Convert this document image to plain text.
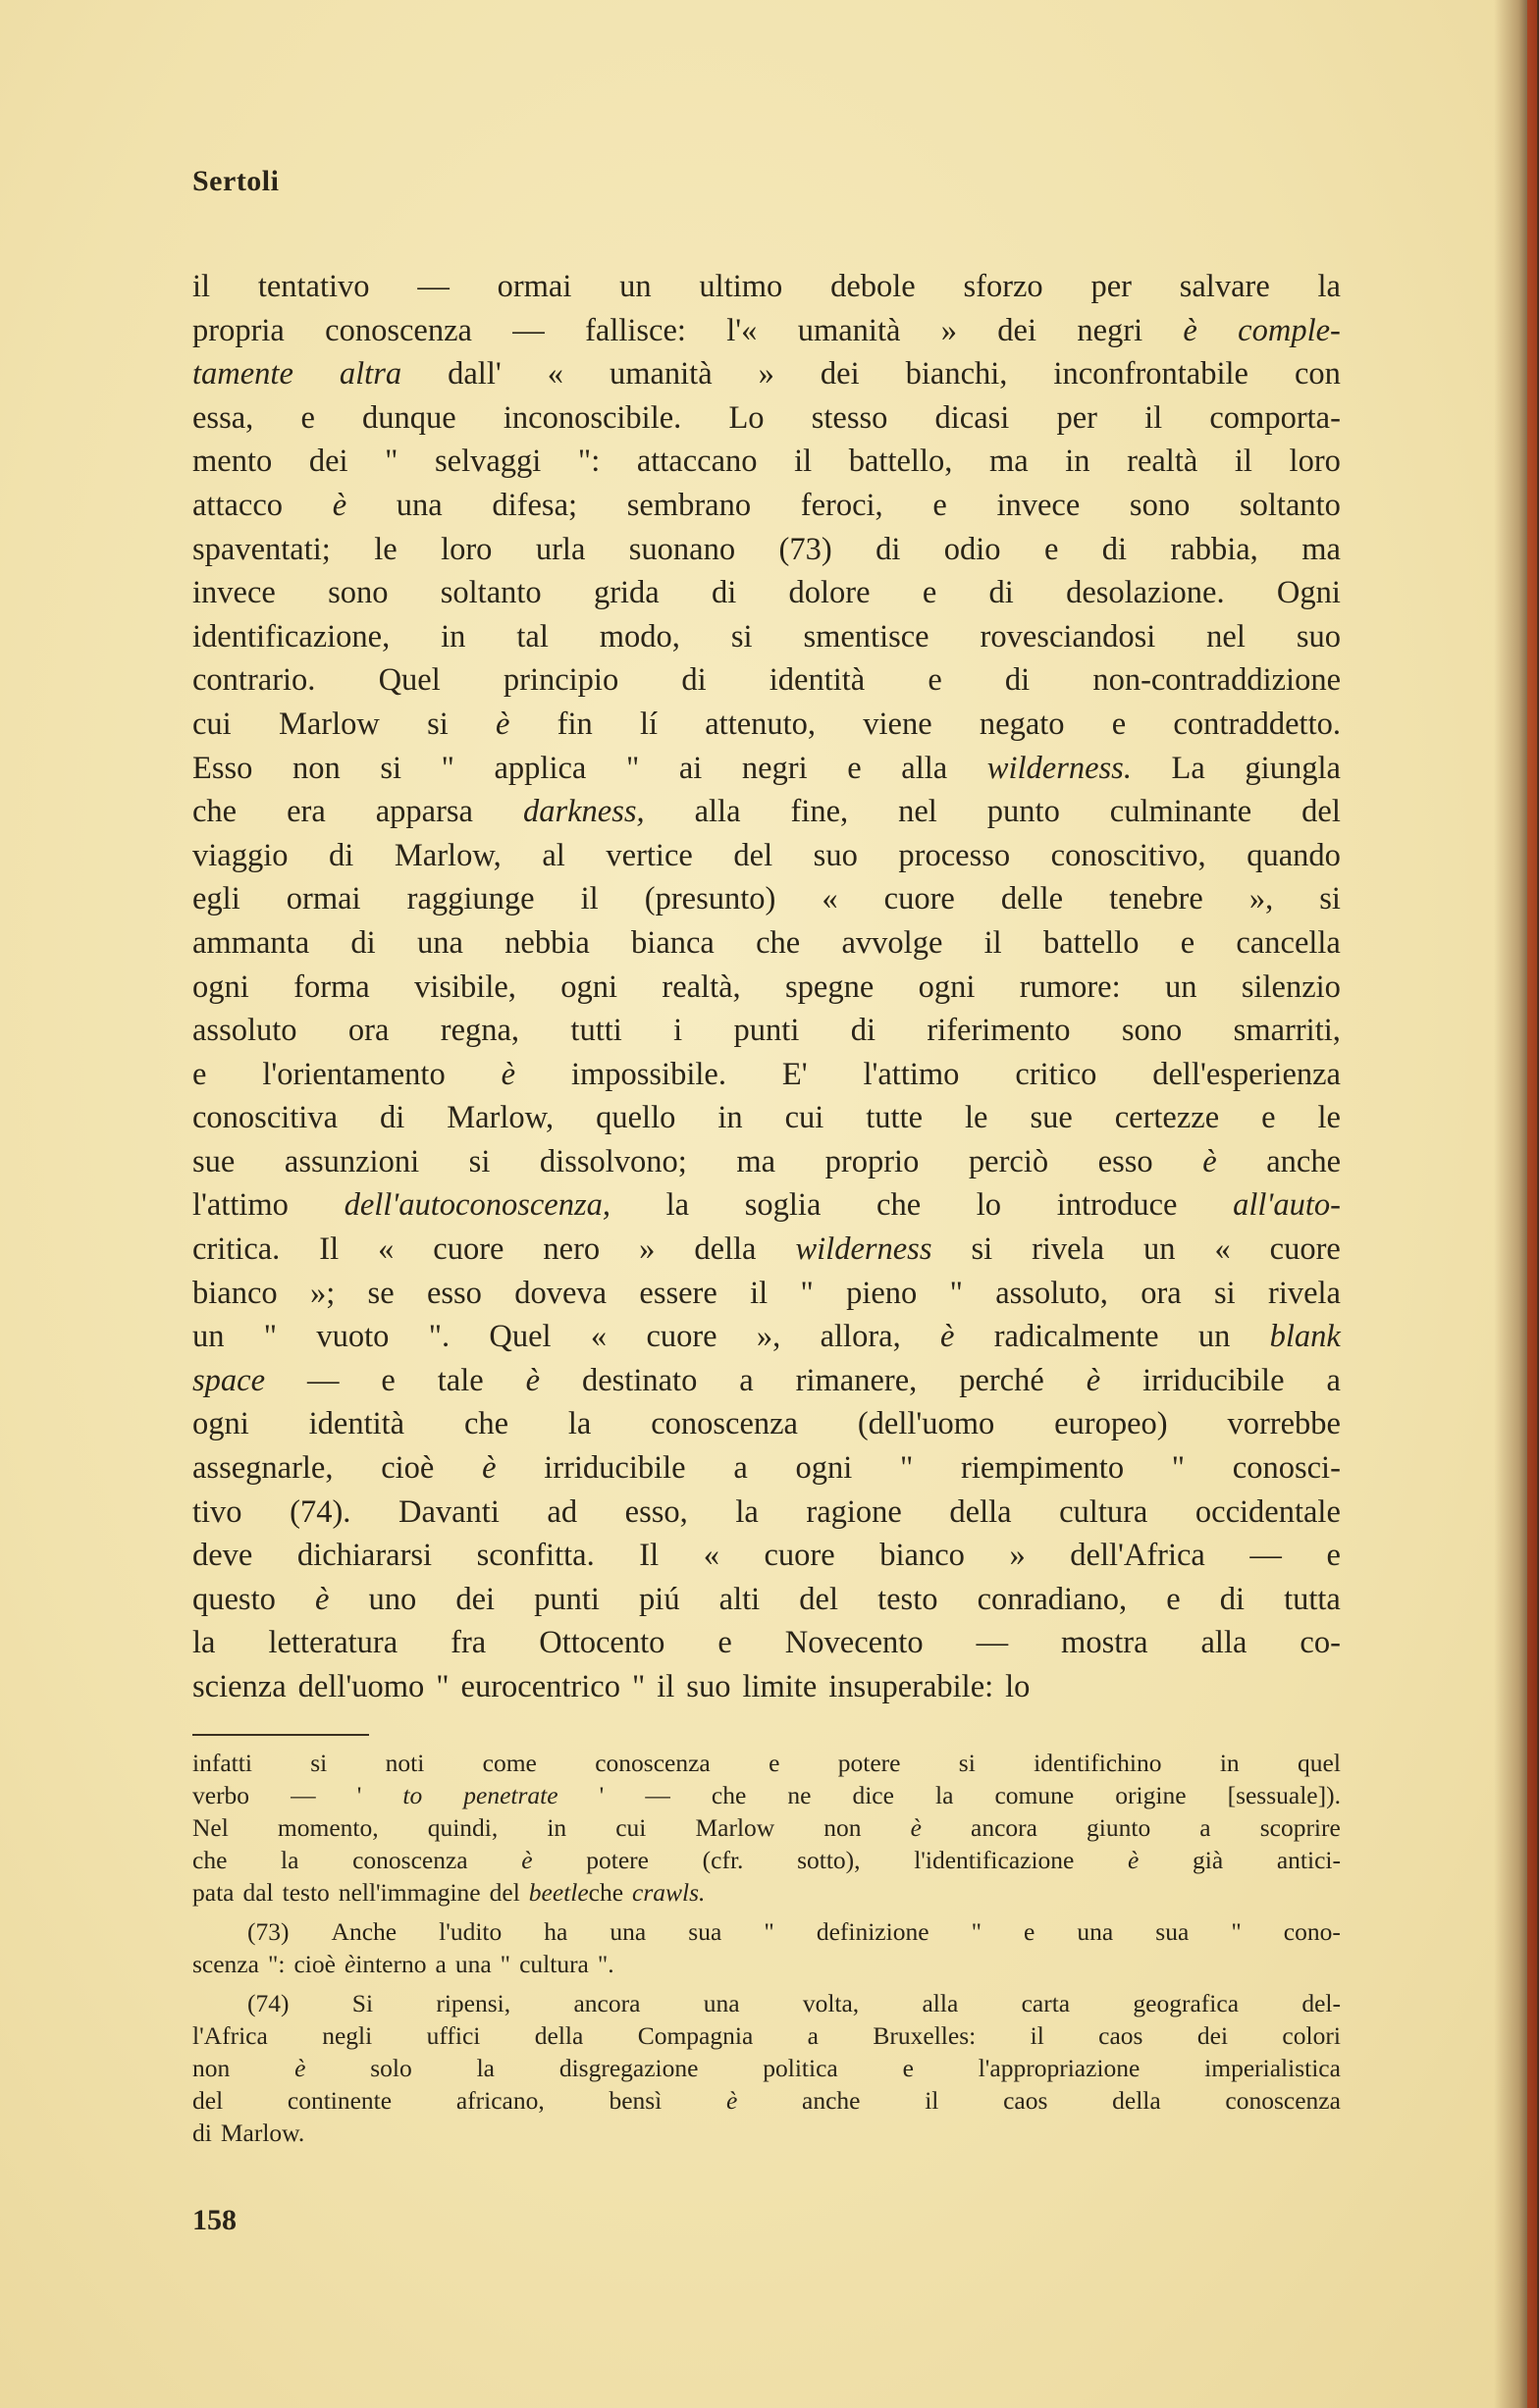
Sertoli
il tentativo — ormai un ultimo debole sforzo per salvare la
propria conoscenza — fallisce: l'« umanità » dei negri è comple-
tamente altra dall' « umanità » dei bianchi, inconfrontabile con
essa, e dunque inconoscibile. Lo stesso dicasi per il comporta-
mento dei " selvaggi ": attaccano il battello, ma in realtà il loro
attacco è una difesa; sembrano feroci, e invece sono soltanto
spaventati; le loro urla suonano (73) di odio e di rabbia, ma
invece sono soltanto grida di dolore e di desolazione. Ogni
identificazione, in tal modo, si smentisce rovesciandosi nel suo
contrario. Quel principio di identità e di non-contraddizione
cui Marlow si è fin lí attenuto, viene negato e contraddetto.
Esso non si " applica " ai negri e alla wilderness. La giungla
che era apparsa darkness, alla fine, nel punto culminante del
viaggio di Marlow, al vertice del suo processo conoscitivo, quando
egli ormai raggiunge il (presunto) « cuore delle tenebre », si
ammanta di una nebbia bianca che avvolge il battello e cancella
ogni forma visibile, ogni realtà, spegne ogni rumore: un silenzio
assoluto ora regna, tutti i punti di riferimento sono smarriti,
e l'orientamento è impossibile. E' l'attimo critico dell'esperienza
conoscitiva di Marlow, quello in cui tutte le sue certezze e le
sue assunzioni si dissolvono; ma proprio perciò esso è anche
l'attimo dell'autoconoscenza, la soglia che lo introduce all'auto-
critica. Il « cuore nero » della wilderness si rivela un « cuore
bianco »; se esso doveva essere il " pieno " assoluto, ora si rivela
un " vuoto ". Quel « cuore », allora, è radicalmente un blank
space — e tale è destinato a rimanere, perché è irriducibile a
ogni identità che la conoscenza (dell'uomo europeo) vorrebbe
assegnarle, cioè è irriducibile a ogni " riempimento " conosci-
tivo (74). Davanti ad esso, la ragione della cultura occidentale
deve dichiararsi sconfitta. Il « cuore bianco » dell'Africa — e
questo è uno dei punti piú alti del testo conradiano, e di tutta
la letteratura fra Ottocento e Novecento — mostra alla co-
scienza dell'uomo " eurocentrico " il suo limite insuperabile: lo
infatti si noti come conoscenza e potere si identifichino in quel
verbo — ' to penetrate ' — che ne dice la comune origine [sessuale]).
Nel momento, quindi, in cui Marlow non è ancora giunto a scoprire
che la conoscenza è potere (cfr. sotto), l'identificazione è già antici-
pata dal testo nell'immagine del beetle che crawls.
(73) Anche l'udito ha una sua " definizione " e una sua " cono-
scenza ": cioè è interno a una " cultura ".
(74)	Si	ripensi,	ancora	una	volta,	alla	carta	geografica	del-
l'Africa negli uffici della Compagnia a Bruxelles: il caos dei colori
non	è	solo	la	disgregazione	politica	e	l'appropriazione	imperialistica
del	continente	africano,	bensì	è	anche	il	caos	della	conoscenza
di Marlow.
158
